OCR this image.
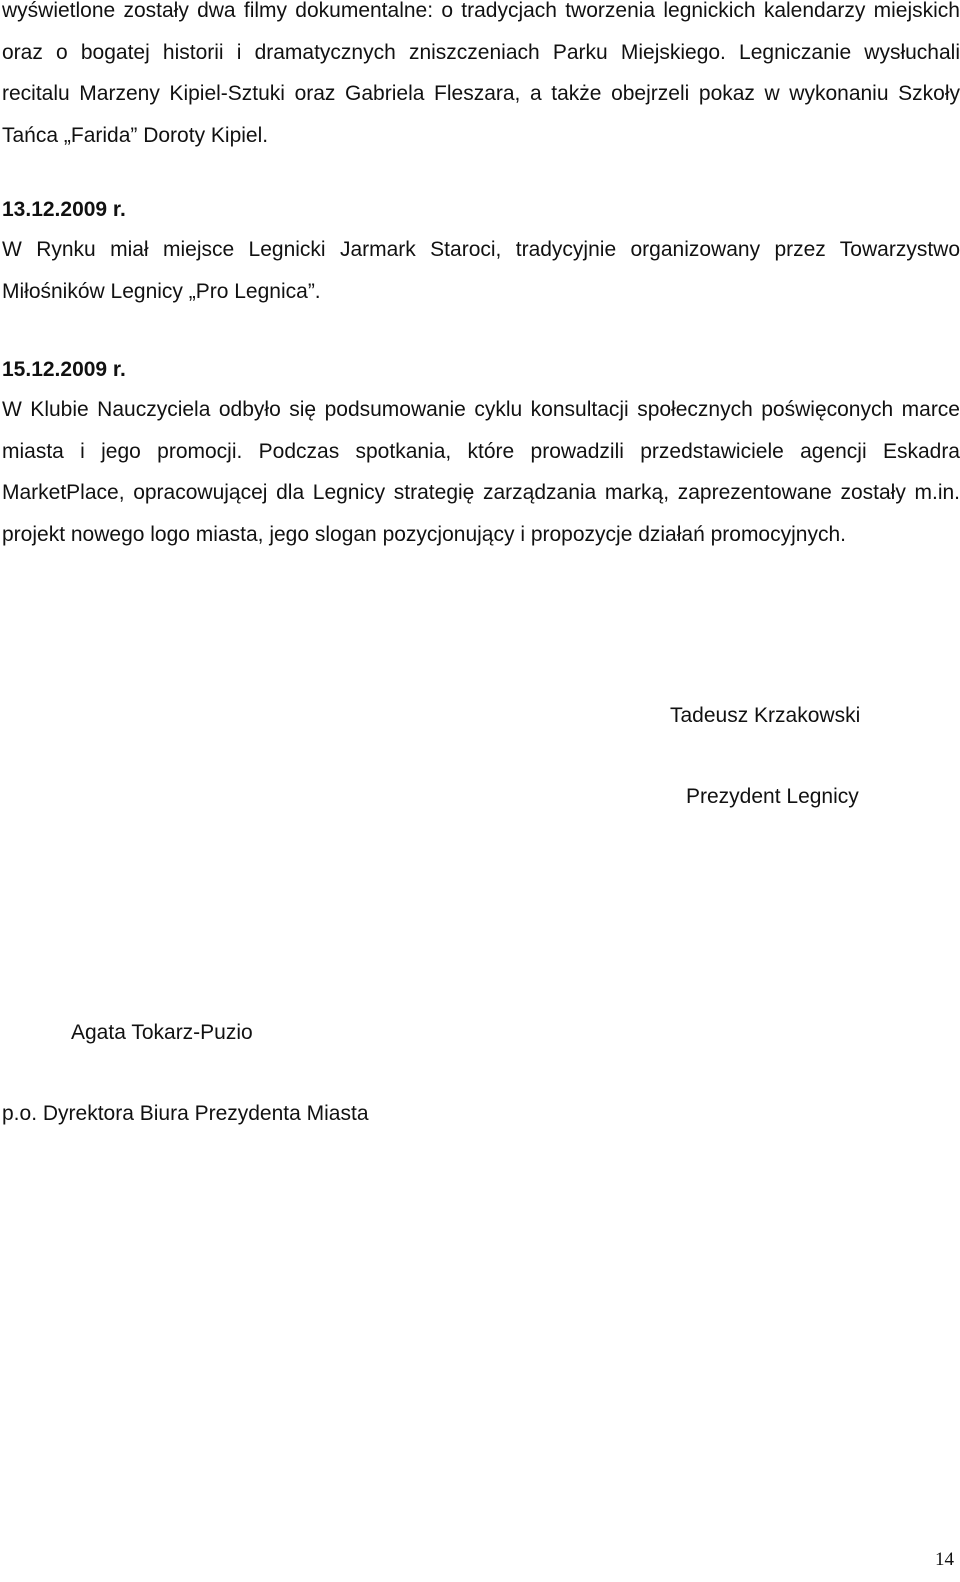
wyświetlone zostały dwa filmy dokumentalne: o tradycjach tworzenia legnickich kalendarzy miejskich oraz o bogatej historii i dramatycznych zniszczeniach Parku Miejskiego. Legniczanie wysłuchali recitalu Marzeny Kipiel-Sztuki oraz Gabriela Fleszara, a także obejrzeli pokaz w wykonaniu Szkoły Tańca „Farida” Doroty Kipiel.

13.12.2009 r.

W Rynku miał miejsce Legnicki Jarmark Staroci, tradycyjnie organizowany przez Towarzystwo Miłośników Legnicy „Pro Legnica”.

15.12.2009 r.

W Klubie Nauczyciela odbyło się podsumowanie cyklu konsultacji społecznych poświęconych marce miasta i jego promocji. Podczas spotkania, które prowadzili przedstawiciele agencji Eskadra MarketPlace, opracowującej dla Legnicy strategię zarządzania marką, zaprezentowane zostały m.in. projekt nowego logo miasta, jego slogan pozycjonujący i propozycje działań promocyjnych.

Tadeusz Krzakowski

Prezydent Legnicy

Agata Tokarz-Puzio

p.o. Dyrektora Biura Prezydenta Miasta

14
